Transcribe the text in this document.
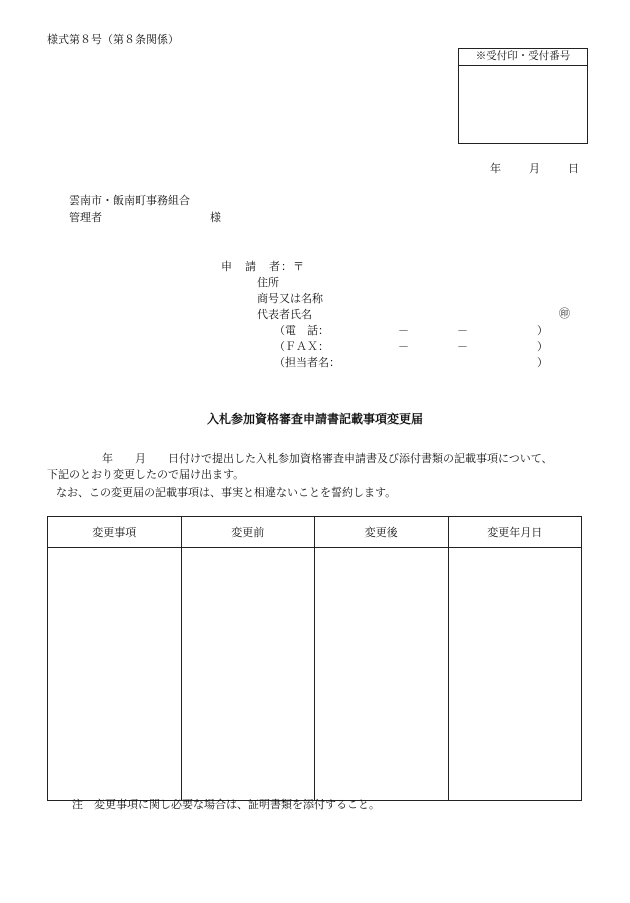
様式第８号（第８条関係）
※受付印・受付番号
年	月	日
雲南市・飯南町事務組合
管理者	様
申　請　者：〒
住所
商号又は名称
代表者氏名	㊞
（電　話：	－	－	）
（ＦＡＸ：	－	－	）
（担当者名：	）
入札参加資格審査申請書記載事項変更届
　　　　　年　　月　　日付けで提出した入札参加資格審査申請書及び添付書類の記載事項について、
下記のとおり変更したので届け出ます。
なお、この変更届の記載事項は、事実と相違ないことを誓約します。
変更事項	変更前	変更後	変更年月日

注　変更事項に関し必要な場合は、証明書類を添付すること。
